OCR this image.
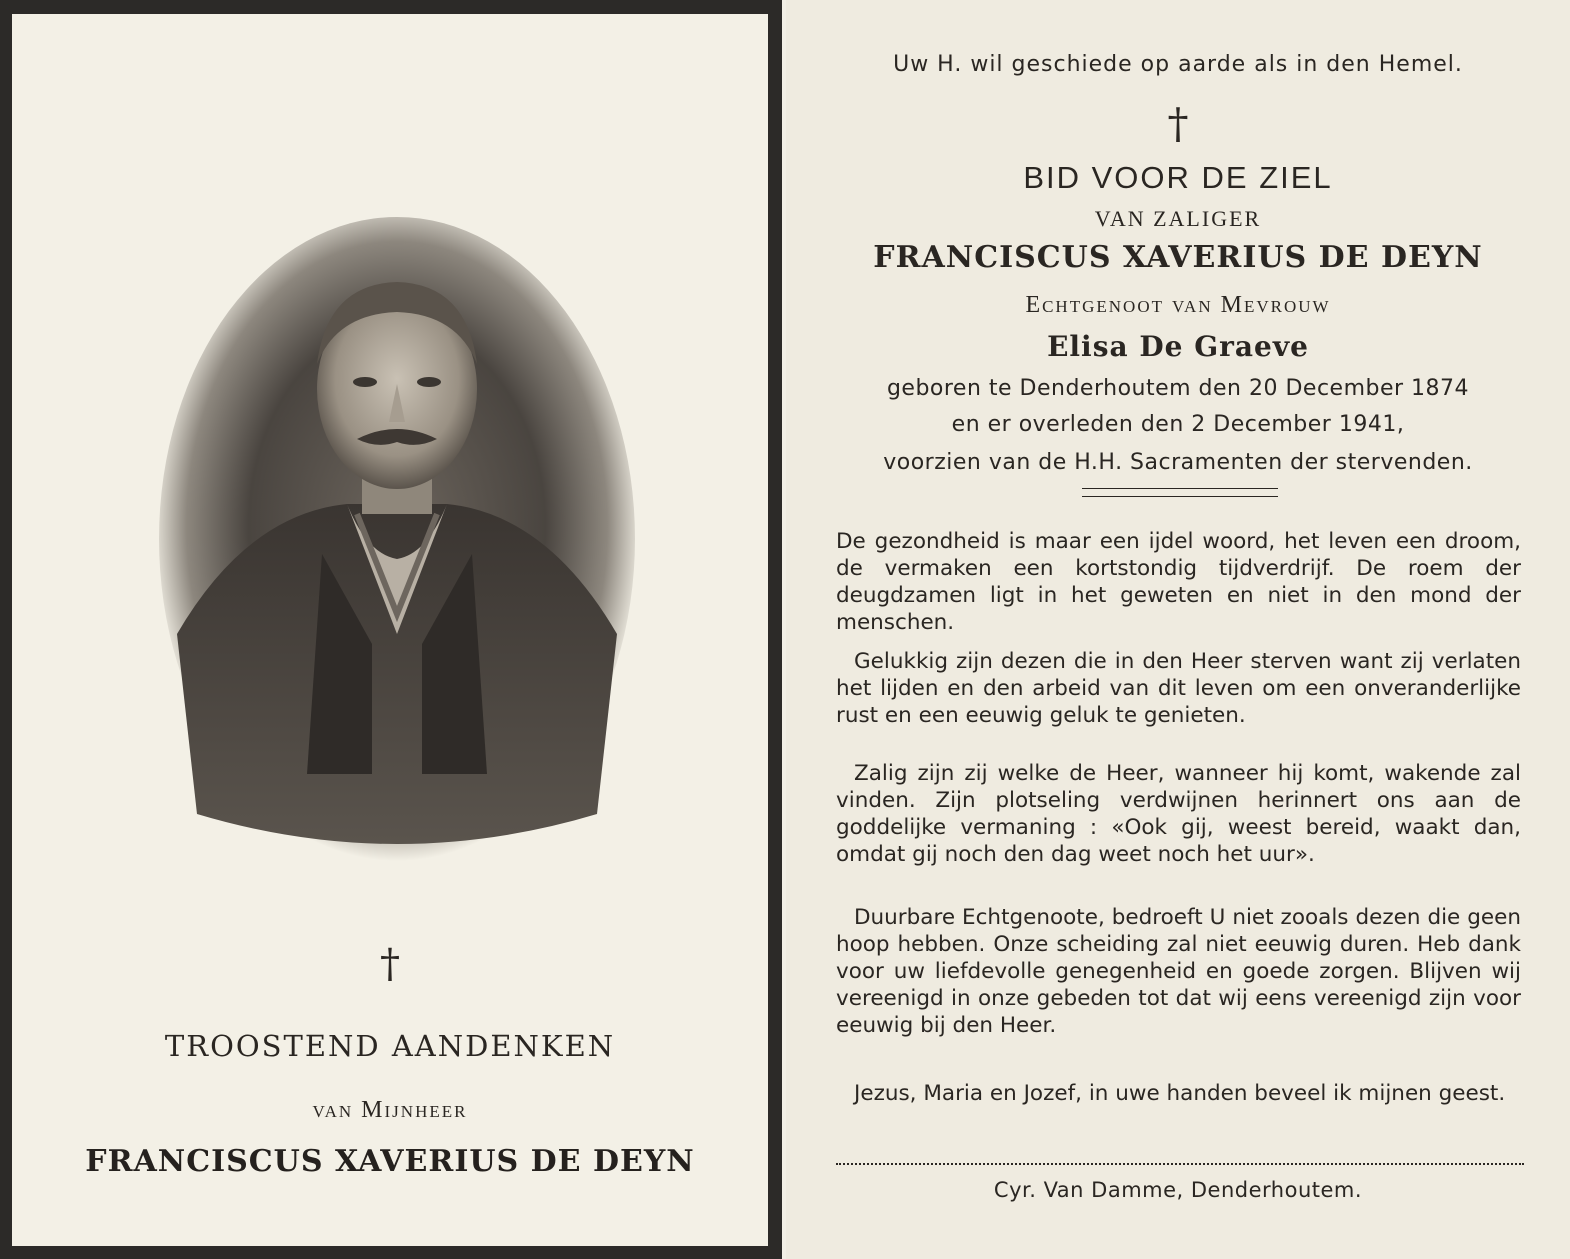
†
TROOSTEND AANDENKEN
van Mijnheer
FRANCISCUS XAVERIUS DE DEYN
Uw H. wil geschiede op aarde als in den Hemel.
†
BID VOOR DE ZIEL
VAN ZALIGER
FRANCISCUS XAVERIUS DE DEYN
Echtgenoot van Mevrouw
Elisa De Graeve
geboren te Denderhoutem den 20 December 1874
en er overleden den 2 December 1941,
voorzien van de H.H. Sacramenten der stervenden.
De gezondheid is maar een ijdel woord, het leven een droom, de vermaken een kortstondig tijdverdrijf. De roem der deugdzamen ligt in het geweten en niet in den mond der menschen.
Gelukkig zijn dezen die in den Heer sterven want zij verlaten het lijden en den arbeid van dit leven om een onveranderlijke rust en een eeuwig geluk te genieten.
Zalig zijn zij welke de Heer, wanneer hij komt, wakende zal vinden. Zijn plotseling verdwijnen herinnert ons aan de goddelijke vermaning : «Ook gij, weest bereid, waakt dan, omdat gij noch den dag weet noch het uur».
Duurbare Echtgenoote, bedroeft U niet zooals dezen die geen hoop hebben. Onze scheiding zal niet eeuwig duren. Heb dank voor uw liefdevolle genegenheid en goede zorgen. Blijven wij vereenigd in onze gebeden tot dat wij eens vereenigd zijn voor eeuwig bij den Heer.
Jezus, Maria en Jozef, in uwe handen beveel ik mijnen geest.
Cyr. Van Damme, Denderhoutem.
